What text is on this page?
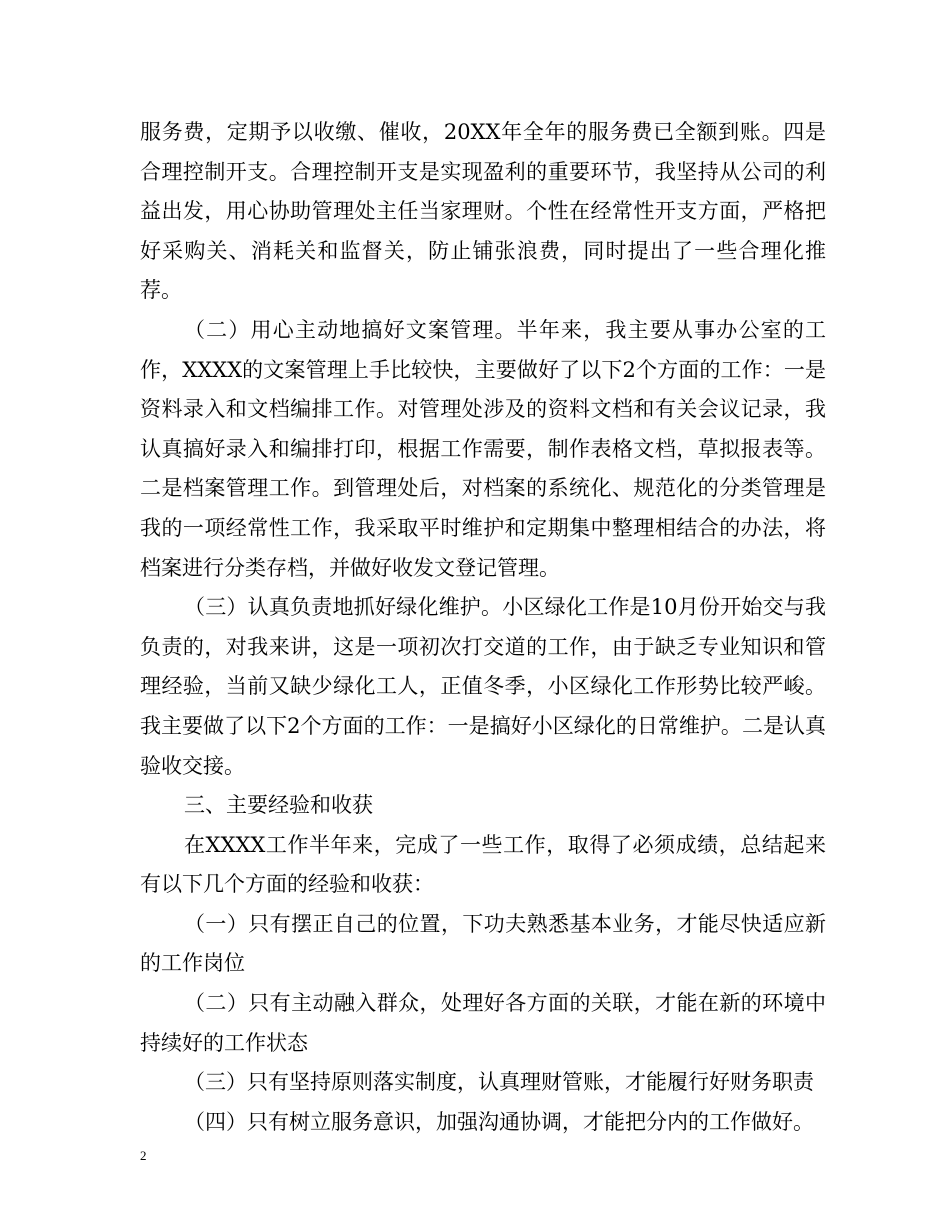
服务费，定期予以收缴、催收，20XX年全年的服务费已全额到账。四是合理控制开支。合理控制开支是实现盈利的重要环节，我坚持从公司的利益出发，用心协助管理处主任当家理财。个性在经常性开支方面，严格把好采购关、消耗关和监督关，防止铺张浪费，同时提出了一些合理化推荐。

（二）用心主动地搞好文案管理。半年来，我主要从事办公室的工作，XXXX的文案管理上手比较快，主要做好了以下2个方面的工作：一是资料录入和文档编排工作。对管理处涉及的资料文档和有关会议记录，我认真搞好录入和编排打印，根据工作需要，制作表格文档，草拟报表等。二是档案管理工作。到管理处后，对档案的系统化、规范化的分类管理是我的一项经常性工作，我采取平时维护和定期集中整理相结合的办法，将档案进行分类存档，并做好收发文登记管理。

（三）认真负责地抓好绿化维护。小区绿化工作是10月份开始交与我负责的，对我来讲，这是一项初次打交道的工作，由于缺乏专业知识和管理经验，当前又缺少绿化工人，正值冬季，小区绿化工作形势比较严峻。我主要做了以下2个方面的工作：一是搞好小区绿化的日常维护。二是认真验收交接。

三、主要经验和收获

在XXXX工作半年来，完成了一些工作，取得了必须成绩，总结起来有以下几个方面的经验和收获：

（一）只有摆正自己的位置，下功夫熟悉基本业务，才能尽快适应新的工作岗位

（二）只有主动融入群众，处理好各方面的关联，才能在新的环境中持续好的工作状态

（三）只有坚持原则落实制度，认真理财管账，才能履行好财务职责

（四）只有树立服务意识，加强沟通协调，才能把分内的工作做好。

2
